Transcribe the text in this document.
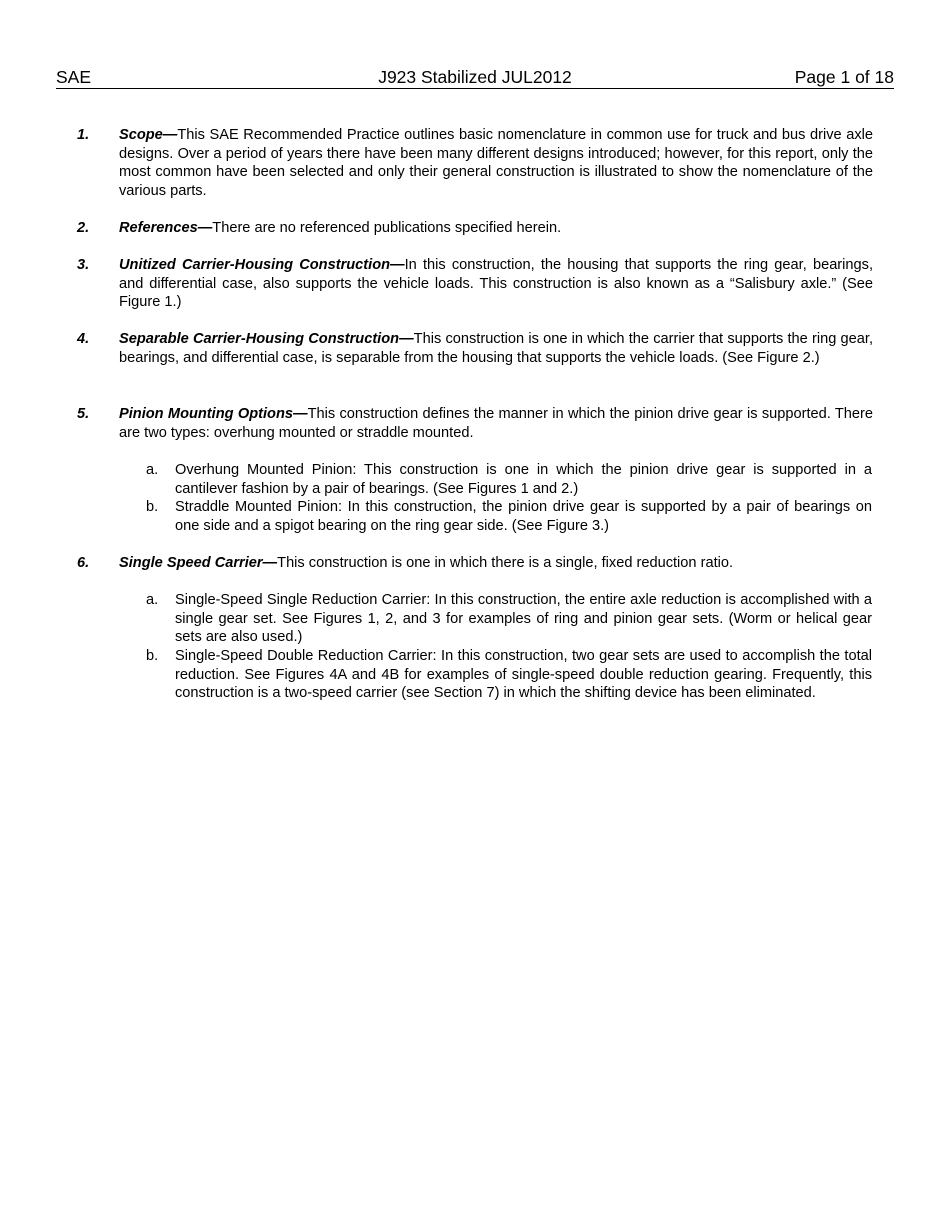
SAE	J923 Stabilized JUL2012	Page 1 of 18
1. Scope—This SAE Recommended Practice outlines basic nomenclature in common use for truck and bus drive axle designs. Over a period of years there have been many different designs introduced; however, for this report, only the most common have been selected and only their general construction is illustrated to show the nomenclature of the various parts.
2. References—There are no referenced publications specified herein.
3. Unitized Carrier-Housing Construction—In this construction, the housing that supports the ring gear, bearings, and differential case, also supports the vehicle loads. This construction is also known as a “Salisbury axle.” (See Figure 1.)
4. Separable Carrier-Housing Construction—This construction is one in which the carrier that supports the ring gear, bearings, and differential case, is separable from the housing that supports the vehicle loads. (See Figure 2.)
5. Pinion Mounting Options—This construction defines the manner in which the pinion drive gear is supported. There are two types: overhung mounted or straddle mounted.
a. Overhung Mounted Pinion: This construction is one in which the pinion drive gear is supported in a cantilever fashion by a pair of bearings. (See Figures 1 and 2.)
b. Straddle Mounted Pinion: In this construction, the pinion drive gear is supported by a pair of bearings on one side and a spigot bearing on the ring gear side. (See Figure 3.)
6. Single Speed Carrier—This construction is one in which there is a single, fixed reduction ratio.
a. Single-Speed Single Reduction Carrier: In this construction, the entire axle reduction is accomplished with a single gear set. See Figures 1, 2, and 3 for examples of ring and pinion gear sets. (Worm or helical gear sets are also used.)
b. Single-Speed Double Reduction Carrier: In this construction, two gear sets are used to accomplish the total reduction. See Figures 4A and 4B for examples of single-speed double reduction gearing. Frequently, this construction is a two-speed carrier (see Section 7) in which the shifting device has been eliminated.
